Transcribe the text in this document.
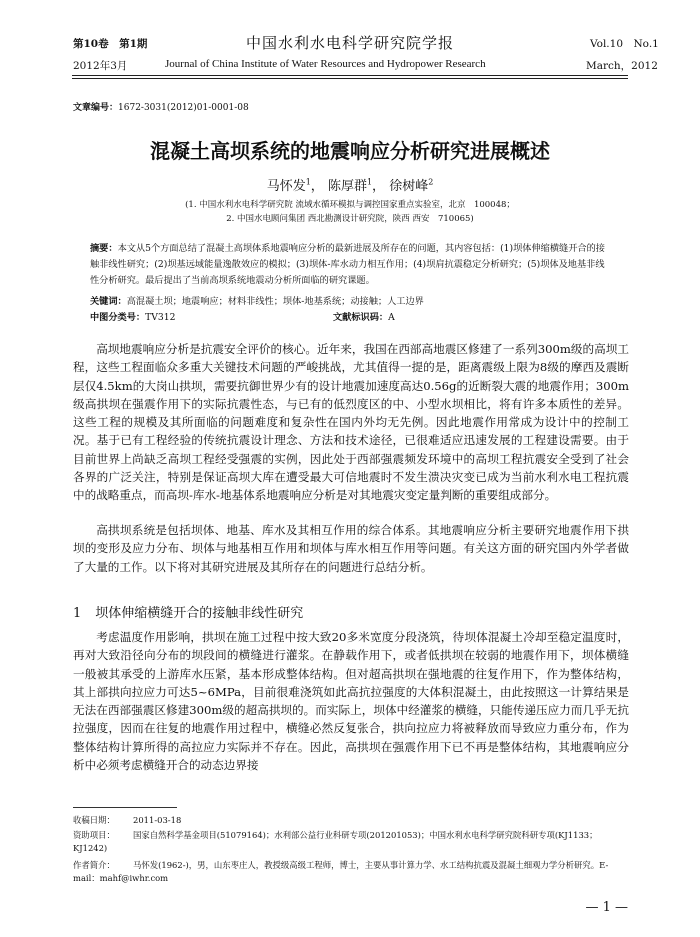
第10卷　第1期	中国水利水电科学研究院学报	Vol.10　No.1
2012年3月	Journal of China Institute of Water Resources and Hydropower Research	March，2012
文章编号：1672-3031(2012)01-0001-08
混凝土高坝系统的地震响应分析研究进展概述
马怀发$^1$， 陈厚群$^1$， 徐树峰$^2$
(1. 中国水利水电科学研究院 流域水循环模拟与调控国家重点实验室，北京　100048；
2. 中国水电顾问集团 西北勘测设计研究院，陕西 西安　710065)
摘要：本文从5个方面总结了混凝土高坝体系地震响应分析的最新进展及所存在的问题，其内容包括：(1)坝体伸缩横缝开合的接触非线性研究；(2)坝基远域能量逸散效应的模拟；(3)坝体-库水动力相互作用；(4)坝肩抗震稳定分析研究；(5)坝体及地基非线性分析研究。最后提出了当前高坝系统地震动分析所面临的研究课题。
关键词：高混凝土坝；地震响应；材料非线性；坝体-地基系统；动接触；人工边界
中图分类号：TV312	文献标识码：A
高坝地震响应分析是抗震安全评价的核心。近年来，我国在西部高地震区修建了一系列300m级的高坝工程，这些工程面临众多重大关键技术问题的严峻挑战，尤其值得一提的是，距离震级上限为8级的摩西及震断层仅4.5km的大岗山拱坝，需要抗御世界少有的设计地震加速度高达0.56g的近断裂大震的地震作用；300m级高拱坝在强震作用下的实际抗震性态，与已有的低烈度区的中、小型水坝相比，将有许多本质性的差异。这些工程的规模及其所面临的问题难度和复杂性在国内外均无先例。因此地震作用常成为设计中的控制工况。基于已有工程经验的传统抗震设计理念、方法和技术途径，已很难适应迅速发展的工程建设需要。由于目前世界上尚缺乏高坝工程经受强震的实例，因此处于西部强震频发环境中的高坝工程抗震安全受到了社会各界的广泛关注，特别是保证高坝大库在遭受最大可信地震时不发生溃决灾变已成为当前水利水电工程抗震中的战略重点，而高坝-库水-地基体系地震响应分析是对其地震灾变定量判断的重要组成部分。
高拱坝系统是包括坝体、地基、库水及其相互作用的综合体系。其地震响应分析主要研究地震作用下拱坝的变形及应力分布、坝体与地基相互作用和坝体与库水相互作用等问题。有关这方面的研究国内外学者做了大量的工作。以下将对其研究进展及其所存在的问题进行总结分析。
1 坝体伸缩横缝开合的接触非线性研究
考虑温度作用影响，拱坝在施工过程中按大致20多米宽度分段浇筑，待坝体混凝土冷却至稳定温度时，再对大致沿径向分布的坝段间的横缝进行灌浆。在静载作用下，或者低拱坝在较弱的地震作用下，坝体横缝一般被其承受的上游库水压紧，基本形成整体结构。但对超高拱坝在强地震的往复作用下，作为整体结构，其上部拱向拉应力可达5~6MPa，目前很难浇筑如此高抗拉强度的大体积混凝土，由此按照这一计算结果是无法在西部强震区修建300m级的超高拱坝的。而实际上，坝体中经灌浆的横缝，只能传递压应力而几乎无抗拉强度，因而在往复的地震作用过程中，横缝必然反复张合，拱向拉应力将被释放而导致应力重分布，作为整体结构计算所得的高拉应力实际并不存在。因此，高拱坝在强震作用下已不再是整体结构，其地震响应分析中必须考虑横缝开合的动态边界接
收稿日期： 2011-03-18
资助项目： 国家自然科学基金项目(51079164)；水利部公益行业科研专项(201201053)；中国水利水电科学研究院科研专项(KJ1133；KJ1242)
作者简介： 马怀发(1962-)，男，山东枣庄人，教授级高级工程师，博士，主要从事计算力学、水工结构抗震及混凝土细观力学分析研究。E-mail：mahf@iwhr.com
— 1 —
